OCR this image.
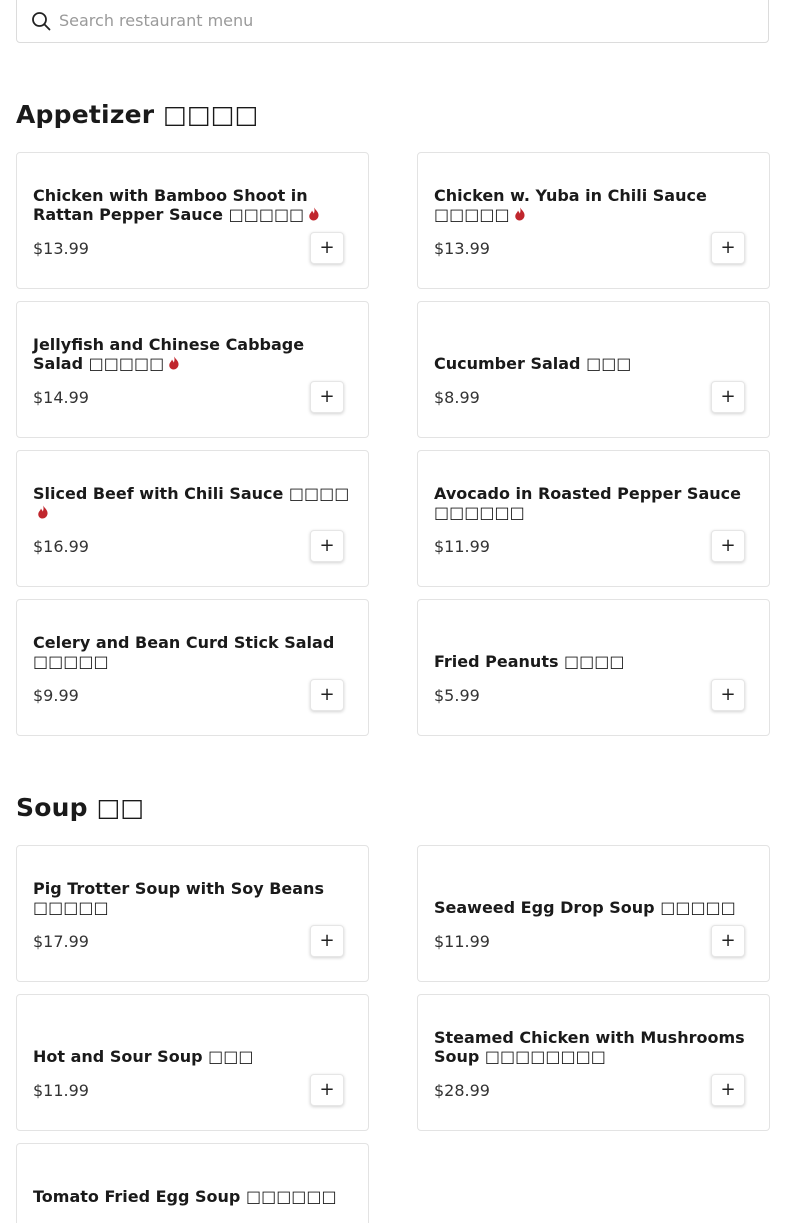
Search restaurant menu
Appetizer □□□□
Chicken with Bamboo Shoot in Rattan Pepper Sauce □□□□□
$13.99	+
Chicken w. Yuba in Chili Sauce □□□□□
$13.99	+
Jellyfish and Chinese Cabbage Salad □□□□□
$14.99	+
Cucumber Salad □□□
$8.99	+
Sliced Beef with Chili Sauce □□□□
$16.99	+
Avocado in Roasted Pepper Sauce □□□□□□
$11.99	+
Celery and Bean Curd Stick Salad □□□□□
$9.99	+
Fried Peanuts □□□□
$5.99	+
Soup □□
Pig Trotter Soup with Soy Beans □□□□□
$17.99	+
Seaweed Egg Drop Soup □□□□□
$11.99	+
Hot and Sour Soup □□□
$11.99	+
Steamed Chicken with Mushrooms Soup □□□□□□□□
$28.99	+
Tomato Fried Egg Soup □□□□□□
